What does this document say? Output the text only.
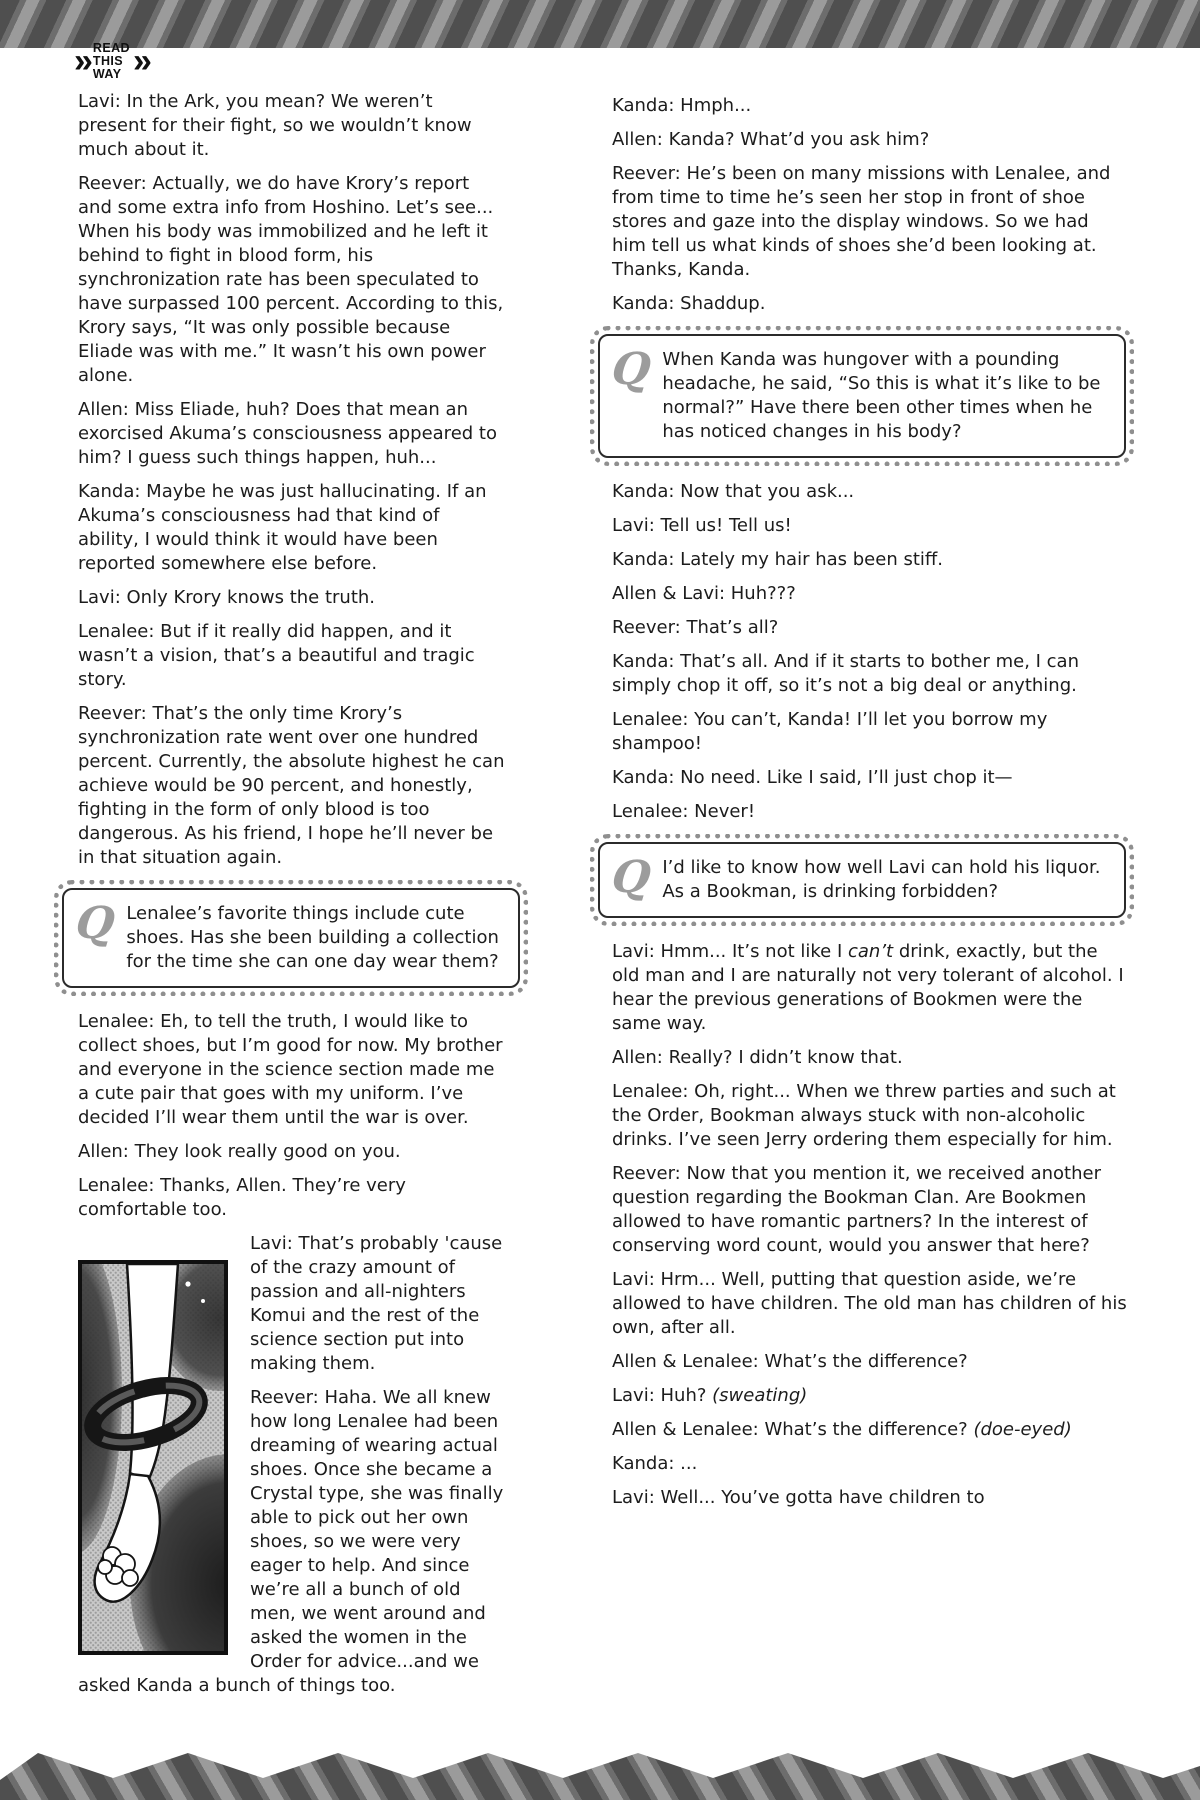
» READ
THIS
WAY »

Lavi: In the Ark, you mean? We weren’t present for their fight, so we wouldn’t know much about it.

Reever: Actually, we do have Krory’s report and some extra info from Hoshino. Let’s see... When his body was immobilized and he left it behind to fight in blood form, his synchronization rate has been speculated to have surpassed 100 percent. According to this, Krory says, “It was only possible because Eliade was with me.” It wasn’t his own power alone.

Allen: Miss Eliade, huh? Does that mean an exorcised Akuma’s consciousness appeared to him? I guess such things happen, huh...

Kanda: Maybe he was just hallucinating. If an Akuma’s consciousness had that kind of ability, I would think it would have been reported somewhere else before.

Lavi: Only Krory knows the truth.

Lenalee: But if it really did happen, and it wasn’t a vision, that’s a beautiful and tragic story.

Reever: That’s the only time Krory’s synchronization rate went over one hundred percent. Currently, the absolute highest he can achieve would be 90 percent, and honestly, fighting in the form of only blood is too dangerous. As his friend, I hope he’ll never be in that situation again.

Q Lenalee’s favorite things include cute shoes. Has she been building a collection for the time she can one day wear them?

Lenalee: Eh, to tell the truth, I would like to collect shoes, but I’m good for now. My brother and everyone in the science section made me a cute pair that goes with my uniform. I’ve decided I’ll wear them until the war is over.

Allen: They look really good on you.

Lenalee: Thanks, Allen. They’re very comfortable too.

Lavi: That’s probably 'cause of the crazy amount of passion and all-nighters Komui and the rest of the science section put into making them.

Reever: Haha. We all knew how long Lenalee had been dreaming of wearing actual shoes. Once she became a Crystal type, she was finally able to pick out her own shoes, so we were very eager to help. And since we’re all a bunch of old men, we went around and asked the women in the Order for advice...and we asked Kanda a bunch of things too.

Kanda: Hmph...

Allen: Kanda? What’d you ask him?

Reever: He’s been on many missions with Lenalee, and from time to time he’s seen her stop in front of shoe stores and gaze into the display windows. So we had him tell us what kinds of shoes she’d been looking at. Thanks, Kanda.

Kanda: Shaddup.

Q When Kanda was hungover with a pounding headache, he said, “So this is what it’s like to be normal?” Have there been other times when he has noticed changes in his body?

Kanda: Now that you ask...

Lavi: Tell us! Tell us!

Kanda: Lately my hair has been stiff.

Allen & Lavi: Huh???

Reever: That’s all?

Kanda: That’s all. And if it starts to bother me, I can simply chop it off, so it’s not a big deal or anything.

Lenalee: You can’t, Kanda! I’ll let you borrow my shampoo!

Kanda: No need. Like I said, I’ll just chop it—

Lenalee: Never!

Q I’d like to know how well Lavi can hold his liquor. As a Bookman, is drinking forbidden?

Lavi: Hmm... It’s not like I can’t drink, exactly, but the old man and I are naturally not very tolerant of alcohol. I hear the previous generations of Bookmen were the same way.

Allen: Really? I didn’t know that.

Lenalee: Oh, right... When we threw parties and such at the Order, Bookman always stuck with non-alcoholic drinks. I’ve seen Jerry ordering them especially for him.

Reever: Now that you mention it, we received another question regarding the Bookman Clan. Are Bookmen allowed to have romantic partners? In the interest of conserving word count, would you answer that here?

Lavi: Hrm... Well, putting that question aside, we’re allowed to have children. The old man has children of his own, after all.

Allen & Lenalee: What’s the difference?

Lavi: Huh? (sweating)

Allen & Lenalee: What’s the difference? (doe-eyed)

Kanda: ...

Lavi: Well... You’ve gotta have children to
